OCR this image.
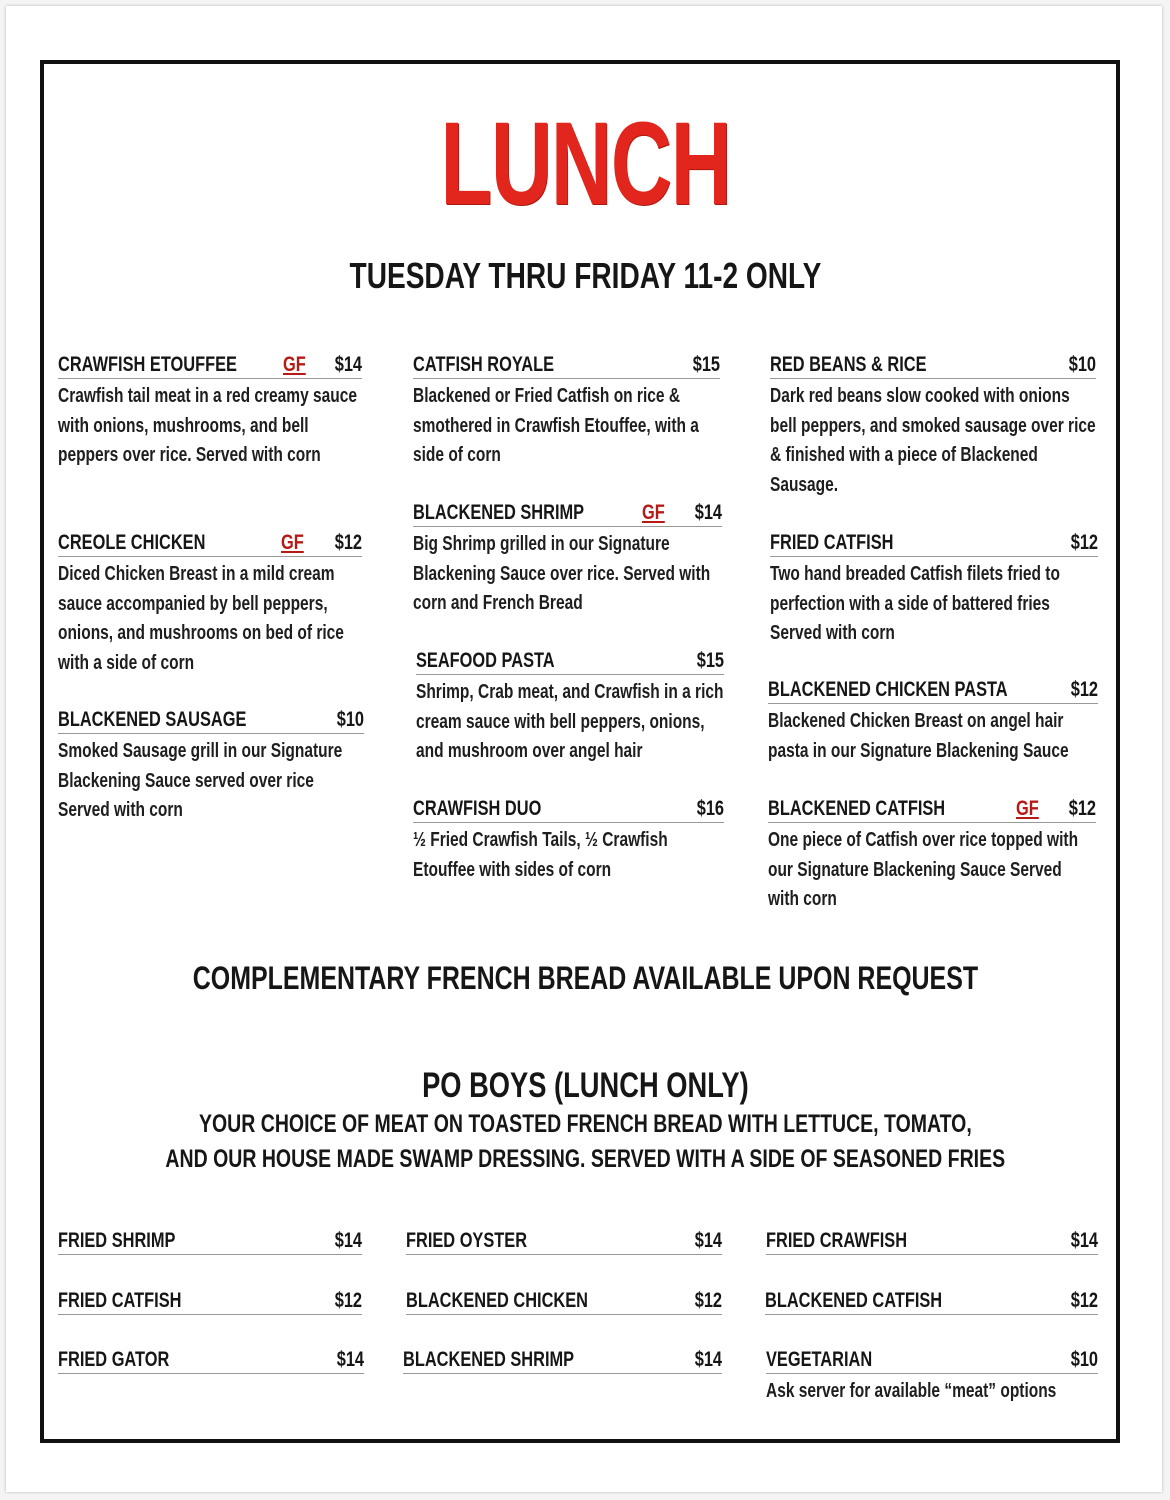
LUNCH
TUESDAY THRU FRIDAY 11-2 ONLY
CRAWFISH ETOUFFEE GF	$14
Crawfish tail meat in a red creamy sauce with onions, mushrooms, and bell peppers over rice. Served with corn
CREOLE CHICKEN	GF	$12
Diced Chicken Breast in a mild cream sauce accompanied by bell peppers, onions, and mushrooms on bed of rice with a side of corn
BLACKENED SAUSAGE	$10
Smoked Sausage grill in our Signature Blackening Sauce served over rice Served with corn
CATFISH ROYALE	$15
Blackened or Fried Catfish on rice & smothered in Crawfish Etouffee, with a side of corn
BLACKENED SHRIMP	GF	$14
Big Shrimp grilled in our Signature Blackening Sauce over rice. Served with corn and French Bread
SEAFOOD PASTA	$15
Shrimp, Crab meat, and Crawfish in a rich cream sauce with bell peppers, onions, and mushroom over angel hair
CRAWFISH DUO	$16
½ Fried Crawfish Tails, ½ Crawfish Etouffee with sides of corn
RED BEANS & RICE	$10
Dark red beans slow cooked with onions bell peppers, and smoked sausage over rice & finished with a piece of Blackened Sausage.
FRIED CATFISH	$12
Two hand breaded Catfish filets fried to perfection with a side of battered fries Served with corn
BLACKENED CHICKEN PASTA	$12
Blackened Chicken Breast on angel hair pasta in our Signature Blackening Sauce
BLACKENED CATFISH	GF	$12
One piece of Catfish over rice topped with our Signature Blackening Sauce Served with corn
COMPLEMENTARY FRENCH BREAD AVAILABLE UPON REQUEST
PO BOYS (LUNCH ONLY)
YOUR CHOICE OF MEAT ON TOASTED FRENCH BREAD WITH LETTUCE, TOMATO,
AND OUR HOUSE MADE SWAMP DRESSING. SERVED WITH A SIDE OF SEASONED FRIES
FRIED SHRIMP	$14
FRIED CATFISH	$12
FRIED GATOR	$14
FRIED OYSTER	$14
BLACKENED CHICKEN	$12
BLACKENED SHRIMP	$14
FRIED CRAWFISH	$14
BLACKENED CATFISH	$12
VEGETARIAN	$10
Ask server for available “meat” options
